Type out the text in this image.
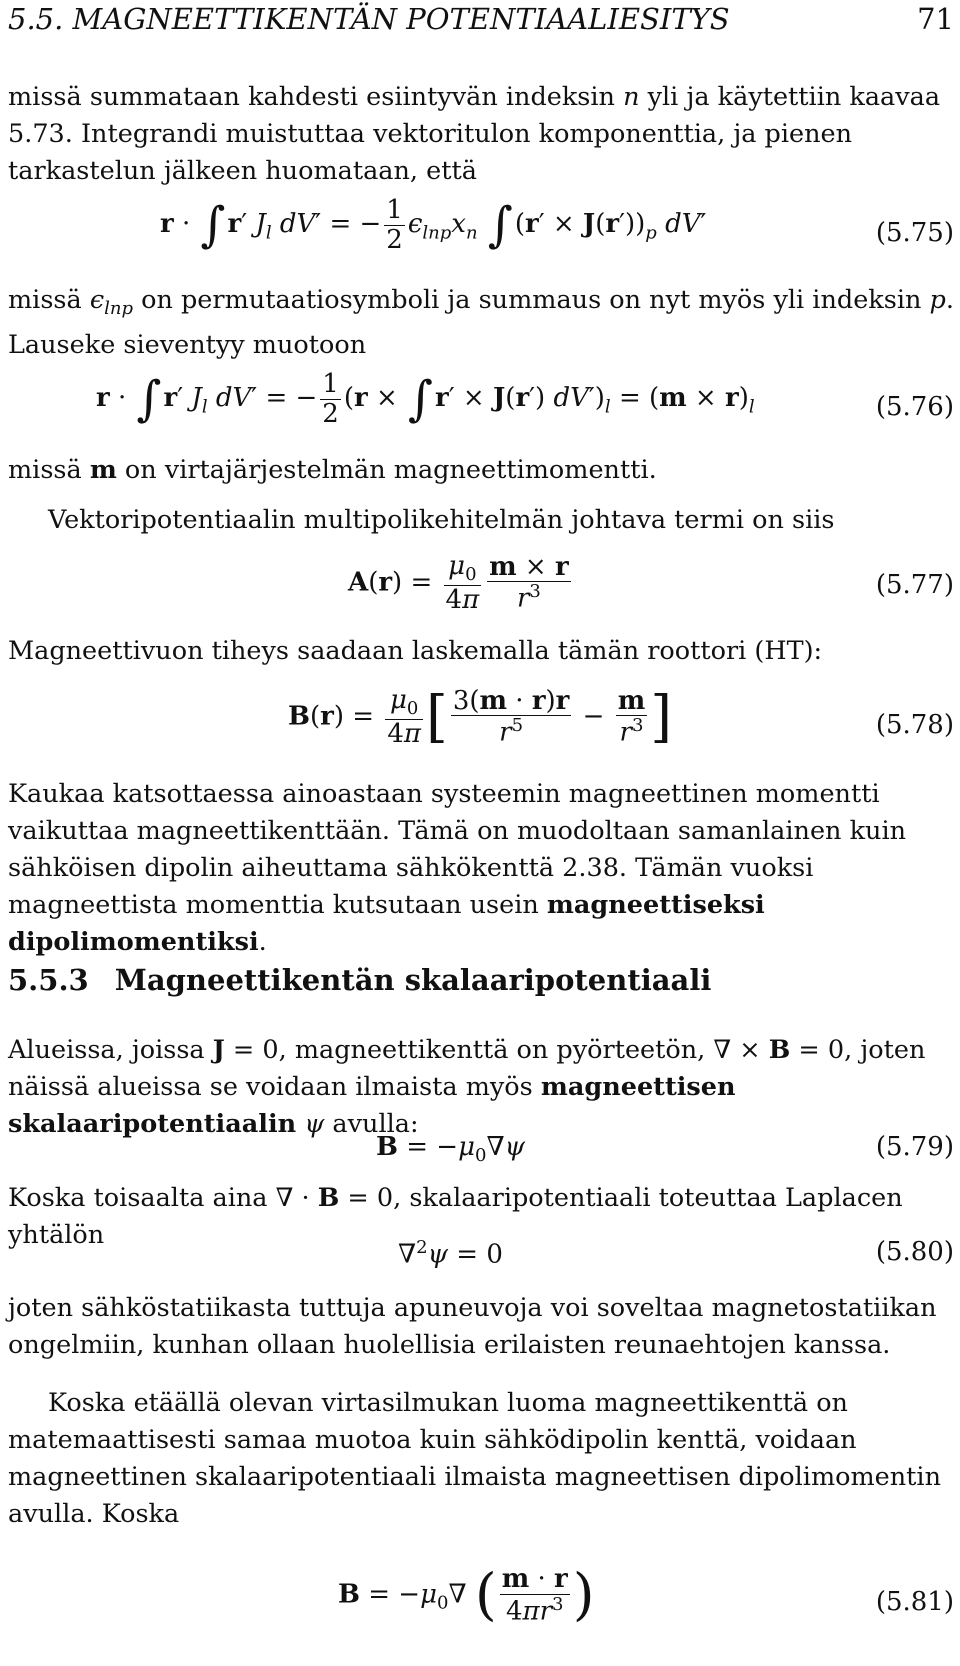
5.5. MAGNEETTIKENTÄN POTENTIAALIESITYS	71
missä summataan kahdesti esiintyvän indeksin n yli ja käytettiin kaavaa 5.73. Integrandi muistuttaa vektoritulon komponenttia, ja pienen tarkastelun jälkeen huomataan, että
r · ∫r′ $J_l$ dV′ = − $\frac{1}{2} \epsilon_{lnp}x_n$ $\int(r' \times J(r'))_p$ dV′	(5.75)
missä $\epsilon_{lnp}$ on permutaatiosymboli ja summaus on nyt myös yli indeksin p. Lauseke sieventyy muotoon
r · ∫r′ $J_l$ dV′ = − $\frac{1}{2} (r \times \int r' \times J(r') dV')_l = (m \times r)_l$	(5.76)
missä m on virtajärjestelmän magneettimomentti.
Vektoripotentiaalin multipolikehitelmän johtava termi on siis
$A(r) = \frac{\mu_0}{4\pi} \frac{m \times r}{r^3}$	(5.77)
Magneettivuon tiheys saadaan laskemalla tämän roottori (HT):
$B(r) = \frac{\mu_0}{4\pi}$ [ $\frac{3(m \cdot r)r}{r^5} - \frac{m}{r^3}$ ]	(5.78)
Kaukaa katsottaessa ainoastaan systeemin magneettinen momentti vaikuttaa magneettikenttään. Tämä on muodoltaan samanlainen kuin sähköisen dipolin aiheuttama sähkökenttä 2.38. Tämän vuoksi magneettista momenttia kutsutaan usein magneettiseksi dipolimomentiksi.
5.5.3 Magneettikentän skalaaripotentiaali
Alueissa, joissa J = 0, magneettikenttä on pyörteetön, ∇ × B = 0, joten näissä alueissa se voidaan ilmaista myös magneettisen skalaaripotentiaalin ψ avulla:
$B = -\mu_0\nabla\psi$	(5.79)
Koska toisaalta aina ∇ · B = 0, skalaaripotentiaali toteuttaa Laplacen yhtälön
∇$^2$ψ = 0	(5.80)
joten sähköstatiikasta tuttuja apuneuvoja voi soveltaa magnetostatiikan ongelmiin, kunhan ollaan huolellisia erilaisten reunaehtojen kanssa.
Koska etäällä olevan virtasilmukan luoma magneettikenttä on matemaattisesti samaa muotoa kuin sähködipolin kenttä, voidaan magneettinen skalaaripotentiaali ilmaista magneettisen dipolimomentin avulla. Koska
$B = -\mu_0\nabla$ ( $\frac{m \cdot r}{4\pi r^3}$ )	(5.81)
